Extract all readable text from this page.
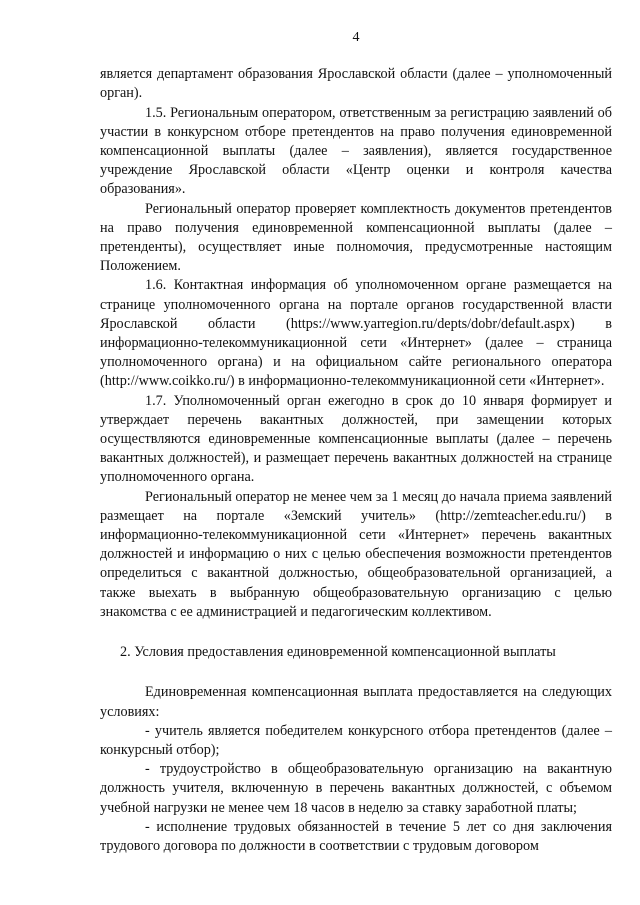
4

является департамент образования Ярославской области (далее – уполномоченный орган).

1.5. Региональным оператором, ответственным за регистрацию заявлений об участии в конкурсном отборе претендентов на право получения единовременной компенсационной выплаты (далее – заявления), является государственное учреждение Ярославской области «Центр оценки и контроля качества образования».

Региональный оператор проверяет комплектность документов претендентов на право получения единовременной компенсационной выплаты (далее – претенденты), осуществляет иные полномочия, предусмотренные настоящим Положением.

1.6. Контактная информация об уполномоченном органе размещается на странице уполномоченного органа на портале органов государственной власти Ярославской области (https://www.yarregion.ru/depts/dobr/default.aspx) в информационно-телекоммуникационной сети «Интернет» (далее – страница уполномоченного органа) и на официальном сайте регионального оператора (http://www.coikko.ru/) в информационно-телекоммуникационной сети «Интернет».

1.7. Уполномоченный орган ежегодно в срок до 10 января формирует и утверждает перечень вакантных должностей, при замещении которых осуществляются единовременные компенсационные выплаты (далее – перечень вакантных должностей), и размещает перечень вакантных должностей на странице уполномоченного органа.

Региональный оператор не менее чем за 1 месяц до начала приема заявлений размещает на портале «Земский учитель» (http://zemteacher.edu.ru/) в информационно-телекоммуникационной сети «Интернет» перечень вакантных должностей и информацию о них с целью обеспечения возможности претендентов определиться с вакантной должностью, общеобразовательной организацией, а также выехать в выбранную общеобразовательную организацию с целью знакомства с ее администрацией и педагогическим коллективом.

2. Условия предоставления единовременной компенсационной выплаты

Единовременная компенсационная выплата предоставляется на следующих условиях:

- учитель является победителем конкурсного отбора претендентов (далее – конкурсный отбор);

- трудоустройство в общеобразовательную организацию на вакантную должность учителя, включенную в перечень вакантных должностей, с объемом учебной нагрузки не менее чем 18 часов в неделю за ставку заработной платы;

- исполнение трудовых обязанностей в течение 5 лет со дня заключения трудового договора по должности в соответствии с трудовым договором
